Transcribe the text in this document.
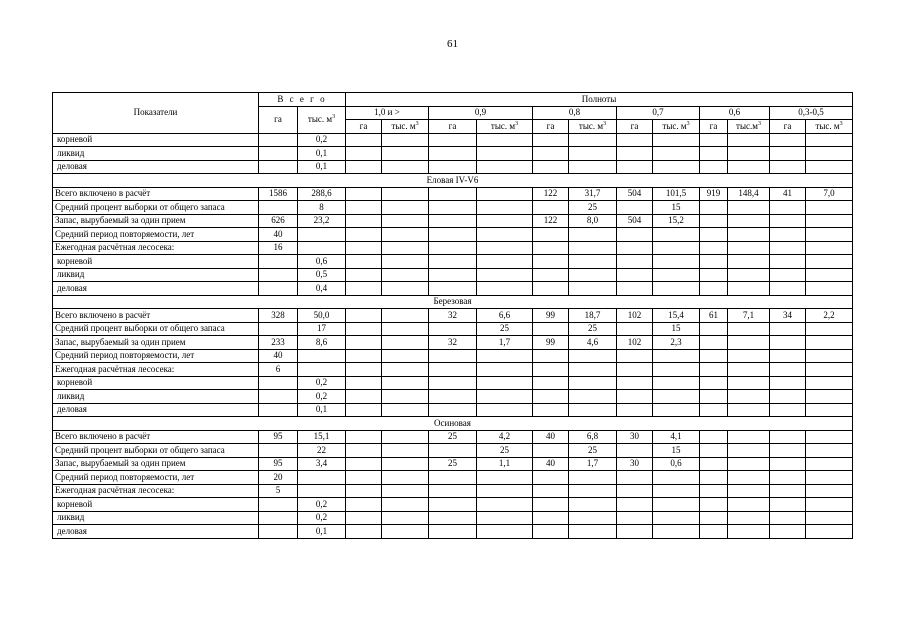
61
Показатели	В с е г о		Полноты											
	га	тыс. $м^3$	1,0 и >		0,9		0,8		0,7		0,6		0,3-0,5	
			га	тыс. $м^3$	га	тыс. $м^3$	га	тыс. $м^3$	га	тыс. $м^3$	га	$тыс.м^3$	га	тыс. $м^3$
корневой		0,2												
ликвид		0,1												
деловая		0,1												
Еловая IV-V6														
Всего включено в расчёт	1586	288,6					122	31,7	504	101,5	919	148,4	41	7,0
Средний процент выборки от общего запаса		8						25		15				
Запас, вырубаемый за один прием	626	23,2					122	8,0	504	15,2				
Средний период повторяемости, лет	40													
Ежегодная расчётная лесосека:	16													
корневой		0,6												
ликвид		0,5												
деловая		0,4												
Березовая														
Всего включено в расчёт	328	50,0			32	6,6	99	18,7	102	15,4	61	7,1	34	2,2
Средний процент выборки от общего запаса		17				25		25		15				
Запас, вырубаемый за один прием	233	8,6			32	1,7	99	4,6	102	2,3				
Средний период повторяемости, лет	40													
Ежегодная расчётная лесосека:	6													
корневой		0,2												
ликвид		0,2												
деловая		0,1												
Осиновая														
Всего включено в расчёт	95	15,1			25	4,2	40	6,8	30	4,1				
Средний процент выборки от общего запаса		22				25		25		15				
Запас, вырубаемый за один прием	95	3,4			25	1,1	40	1,7	30	0,6				
Средний период повторяемости, лет	20													
Ежегодная расчётная лесосека:	5													
корневой		0,2												
ликвид		0,2												
деловая		0,1												
